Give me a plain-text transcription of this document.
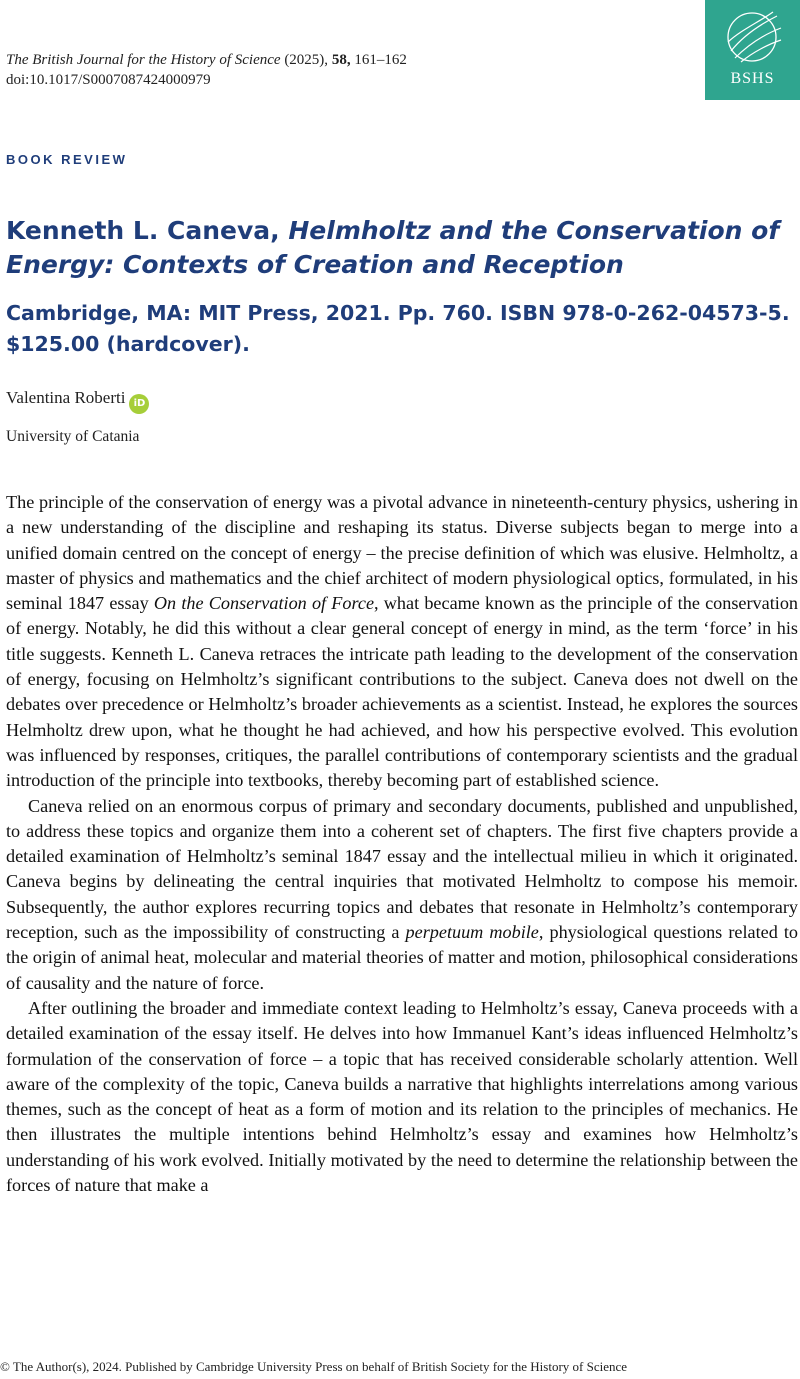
The British Journal for the History of Science (2025), 58, 161–162
doi:10.1017/S0007087424000979	BSHS
BOOK REVIEW
Kenneth L. Caneva, Helmholtz and the Conservation of Energy: Contexts of Creation and Reception
Cambridge, MA: MIT Press, 2021. Pp. 760. ISBN 978-0-262-04573-5. $125.00 (hardcover).
Valentina Roberti iD
University of Catania

The principle of the conservation of energy was a pivotal advance in nineteenth-century physics, ushering in a new understanding of the discipline and reshaping its status. Diverse subjects began to merge into a unified domain centred on the concept of energy – the precise definition of which was elusive. Helmholtz, a master of physics and mathematics and the chief architect of modern physiological optics, formulated, in his seminal 1847 essay On the Conservation of Force, what became known as the principle of the conservation of energy. Notably, he did this without a clear general concept of energy in mind, as the term ‘force’ in his title suggests. Kenneth L. Caneva retraces the intricate path leading to the development of the conservation of energy, focusing on Helmholtz’s significant contributions to the subject. Caneva does not dwell on the debates over precedence or Helmholtz’s broader achievements as a scientist. Instead, he explores the sources Helmholtz drew upon, what he thought he had achieved, and how his perspective evolved. This evolution was influenced by responses, critiques, the parallel contributions of contemporary scientists and the gradual introduction of the principle into textbooks, thereby becoming part of established science.

Caneva relied on an enormous corpus of primary and secondary documents, published and unpublished, to address these topics and organize them into a coherent set of chapters. The first five chapters provide a detailed examination of Helmholtz’s seminal 1847 essay and the intellectual milieu in which it originated. Caneva begins by delineating the central inquiries that motivated Helmholtz to compose his memoir. Subsequently, the author explores recurring topics and debates that resonate in Helmholtz’s contemporary reception, such as the impossibility of constructing a perpetuum mobile, physiological questions related to the origin of animal heat, molecular and material theories of matter and motion, philosophical considerations of causality and the nature of force.

After outlining the broader and immediate context leading to Helmholtz’s essay, Caneva proceeds with a detailed examination of the essay itself. He delves into how Immanuel Kant’s ideas influenced Helmholtz’s formulation of the conservation of force – a topic that has received considerable scholarly attention. Well aware of the complexity of the topic, Caneva builds a narrative that highlights interrelations among various themes, such as the concept of heat as a form of motion and its relation to the principles of mechanics. He then illustrates the multiple intentions behind Helmholtz’s essay and examines how Helmholtz’s understanding of his work evolved. Initially motivated by the need to determine the relationship between the forces of nature that make a

© The Author(s), 2024. Published by Cambridge University Press on behalf of British Society for the History of Science
